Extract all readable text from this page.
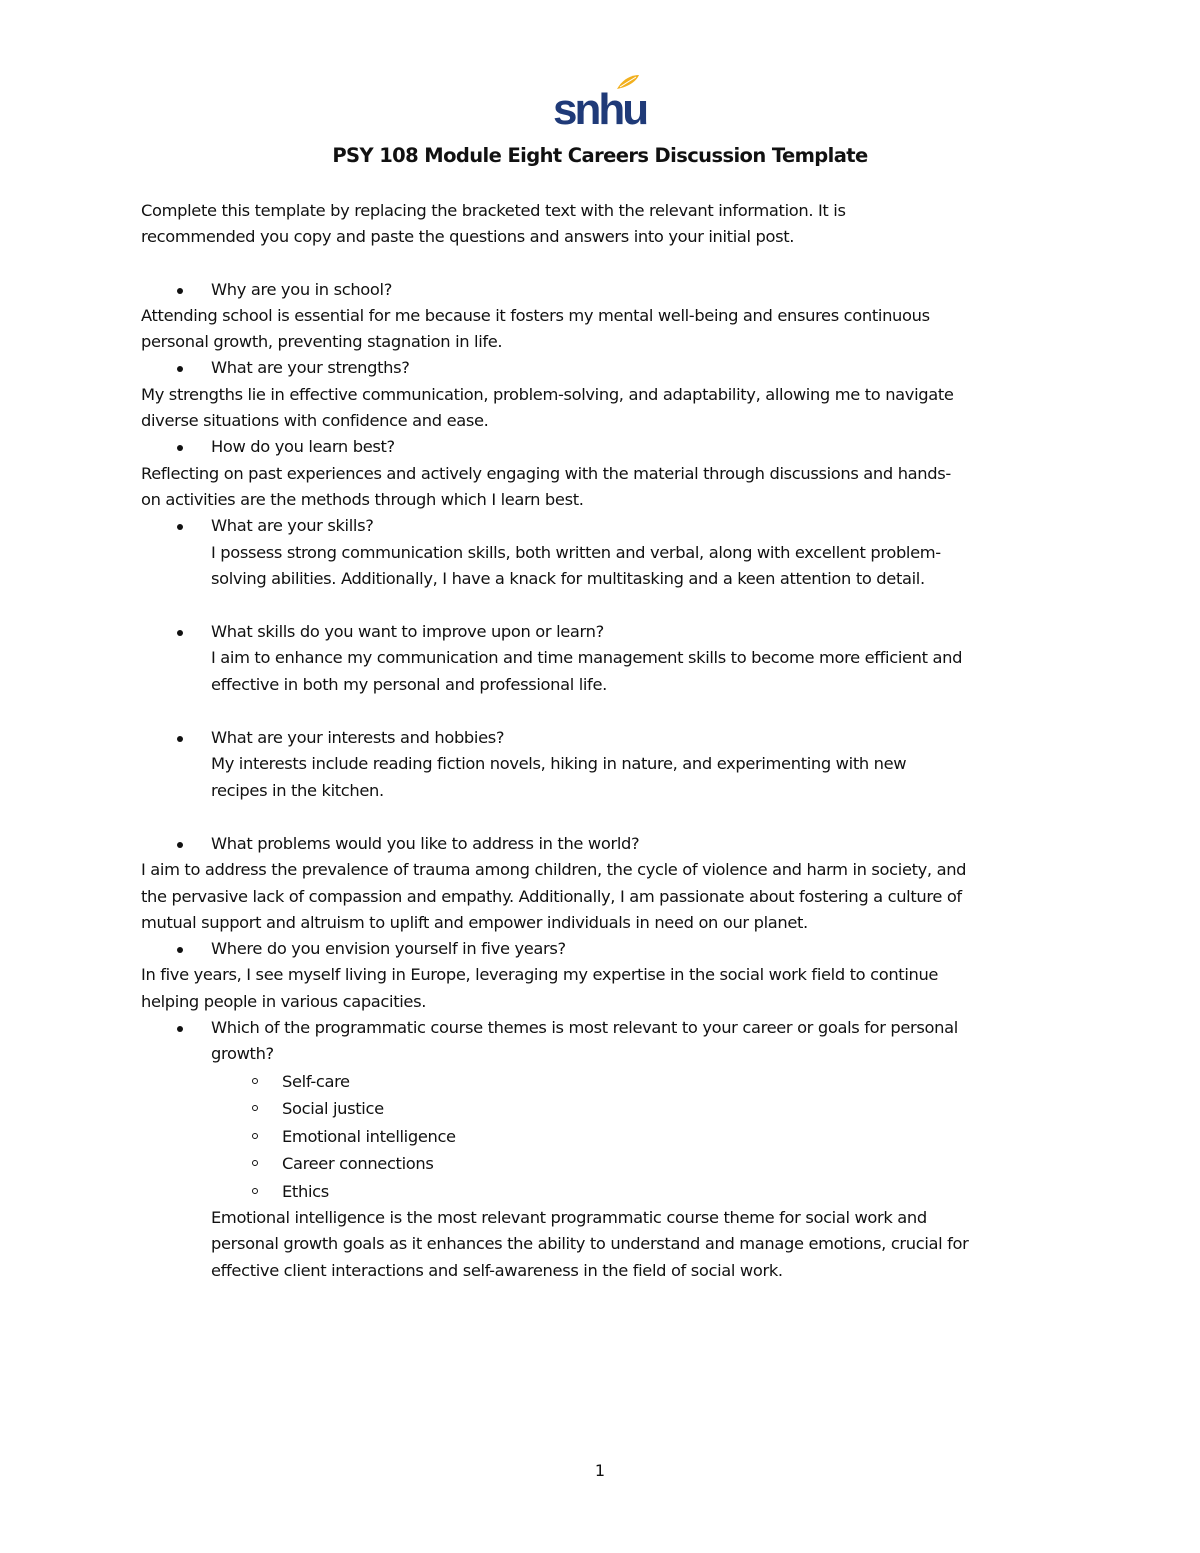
snhu
PSY 108 Module Eight Careers Discussion Template

Complete this template by replacing the bracketed text with the relevant information. It is

recommended you copy and paste the questions and answers into your initial post.

Why are you in school?

Attending school is essential for me because it fosters my mental well-being and ensures continuous

personal growth, preventing stagnation in life.

What are your strengths?

My strengths lie in effective communication, problem-solving, and adaptability, allowing me to navigate

diverse situations with confidence and ease.

How do you learn best?

Reflecting on past experiences and actively engaging with the material through discussions and hands-

on activities are the methods through which I learn best.

What are your skills?

I possess strong communication skills, both written and verbal, along with excellent problem-

solving abilities. Additionally, I have a knack for multitasking and a keen attention to detail.

What skills do you want to improve upon or learn?

I aim to enhance my communication and time management skills to become more efficient and

effective in both my personal and professional life.

What are your interests and hobbies?

My interests include reading fiction novels, hiking in nature, and experimenting with new

recipes in the kitchen.

What problems would you like to address in the world?

I aim to address the prevalence of trauma among children, the cycle of violence and harm in society, and

the pervasive lack of compassion and empathy. Additionally, I am passionate about fostering a culture of

mutual support and altruism to uplift and empower individuals in need on our planet.

Where do you envision yourself in five years?

In five years, I see myself living in Europe, leveraging my expertise in the social work field to continue

helping people in various capacities.

Which of the programmatic course themes is most relevant to your career or goals for personal

growth?

Self-care
Social justice
Emotional intelligence
Career connections
Ethics

Emotional intelligence is the most relevant programmatic course theme for social work and

personal growth goals as it enhances the ability to understand and manage emotions, crucial for

effective client interactions and self-awareness in the field of social work.

1
